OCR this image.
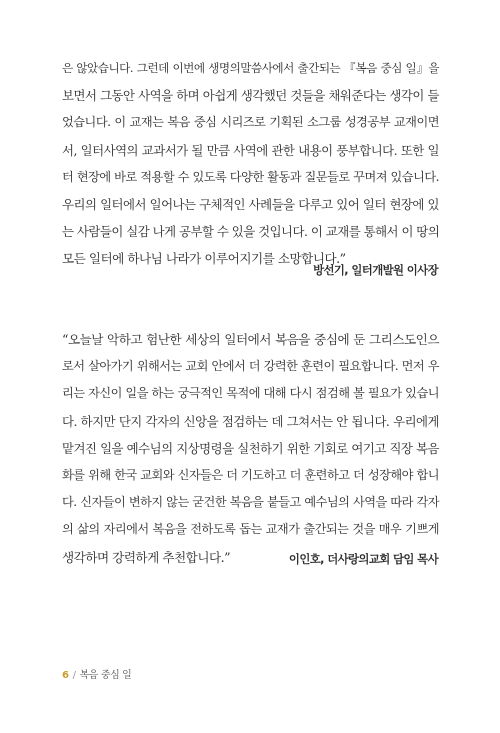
은 않았습니다. 그런데 이번에 생명의말씀사에서 출간되는 『복음 중심 일』을
보면서 그동안 사역을 하며 아쉽게 생각했던 것들을 채워준다는 생각이 들
었습니다. 이 교재는 복음 중심 시리즈로 기획된 소그룹 성경공부 교재이면
서, 일터사역의 교과서가 될 만큼 사역에 관한 내용이 풍부합니다. 또한 일
터 현장에 바로 적용할 수 있도록 다양한 활동과 질문들로 꾸며져 있습니다.
우리의 일터에서 일어나는 구체적인 사례들을 다루고 있어 일터 현장에 있
는 사람들이 실감 나게 공부할 수 있을 것입니다. 이 교재를 통해서 이 땅의
모든 일터에 하나님 나라가 이루어지기를 소망합니다.”

방선기, 일터개발원 이사장

“오늘날 악하고 험난한 세상의 일터에서 복음을 중심에 둔 그리스도인으
로서 살아가기 위해서는 교회 안에서 더 강력한 훈련이 필요합니다. 먼저 우
리는 자신이 일을 하는 궁극적인 목적에 대해 다시 점검해 볼 필요가 있습니
다. 하지만 단지 각자의 신앙을 점검하는 데 그쳐서는 안 됩니다. 우리에게
맡겨진 일을 예수님의 지상명령을 실천하기 위한 기회로 여기고 직장 복음
화를 위해 한국 교회와 신자들은 더 기도하고 더 훈련하고 더 성장해야 합니
다. 신자들이 변하지 않는 굳건한 복음을 붙들고 예수님의 사역을 따라 각자
의 삶의 자리에서 복음을 전하도록 돕는 교재가 출간되는 것을 매우 기쁘게
생각하며 강력하게 추천합니다.”	이인호, 더사랑의교회 담임 목사

6 / 복음 중심 일
